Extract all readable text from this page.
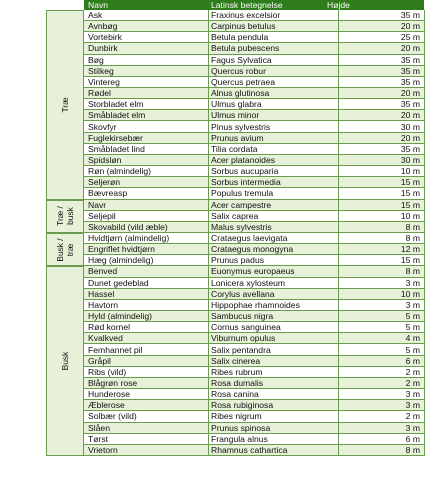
Navn	Latinsk betegnelse	Højde
Træ
Ask	Fraxinus excelsior	35 m
Avnbøg	Carpinus betulus	20 m
Vortebirk	Betula pendula	25 m
Dunbirk	Betula pubescens	20 m
Bøg	Fagus Sylvatica	35 m
Stilkeg	Quercus robur	35 m
Vintereg	Quercus petraea	35 m
Rødel	Alnus glutinosa	20 m
Storbladet elm	Ulmus glabra	35 m
Småbladet elm	Ulmus minor	20 m
Skovfyr	Pinus sylvestris	30 m
Fuglekirsebær	Prunus avium	20 m
Småbladet lind	Tilia cordata	35 m
Spidsløn	Acer platanoides	30 m
Røn (almindelig)	Sorbus aucuparia	10 m
Seljerøn	Sorbus intermedia	15 m
Bævreasp	Populus tremula	15 m
Træ /
busk
Navr	Acer campestre	15 m
Seljepil	Salix caprea	10 m
Skovabild (vild æble)	Malus sylvestris	8 m
Busk /
træ
Hvidtjørn (almindelig)	Crataegus laevigata	8 m
Engriflet hvidtjørn	Crataegus monogyna	12 m
Hæg (almindelig)	Prunus padus	15 m
Busk
Benved	Euonymus europaeus	8 m
Dunet gedeblad	Lonicera xylosteum	3 m
Hassel	Corylus avellana	10 m
Havtorn	Hippophae rhamnoides	3 m
Hyld (almindelig)	Sambucus nigra	5 m
Rød kornel	Cornus sanguinea	5 m
Kvalkved	Viburnum opulus	4 m
Femhannet pil	Salix pentandra	5 m
Gråpil	Salix cinerea	6 m
Ribs (vild)	Ribes rubrum	2 m
Blågrøn rose	Rosa dumalis	2 m
Hunderose	Rosa canina	3 m
Æblerose	Rosa rubiginosa	3 m
Solbær (vild)	Ribes nigrum	2 m
Slåen	Prunus spinosa	3 m
Tørst	Frangula alnus	6 m
Vrietorn	Rhamnus cathartica	8 m
